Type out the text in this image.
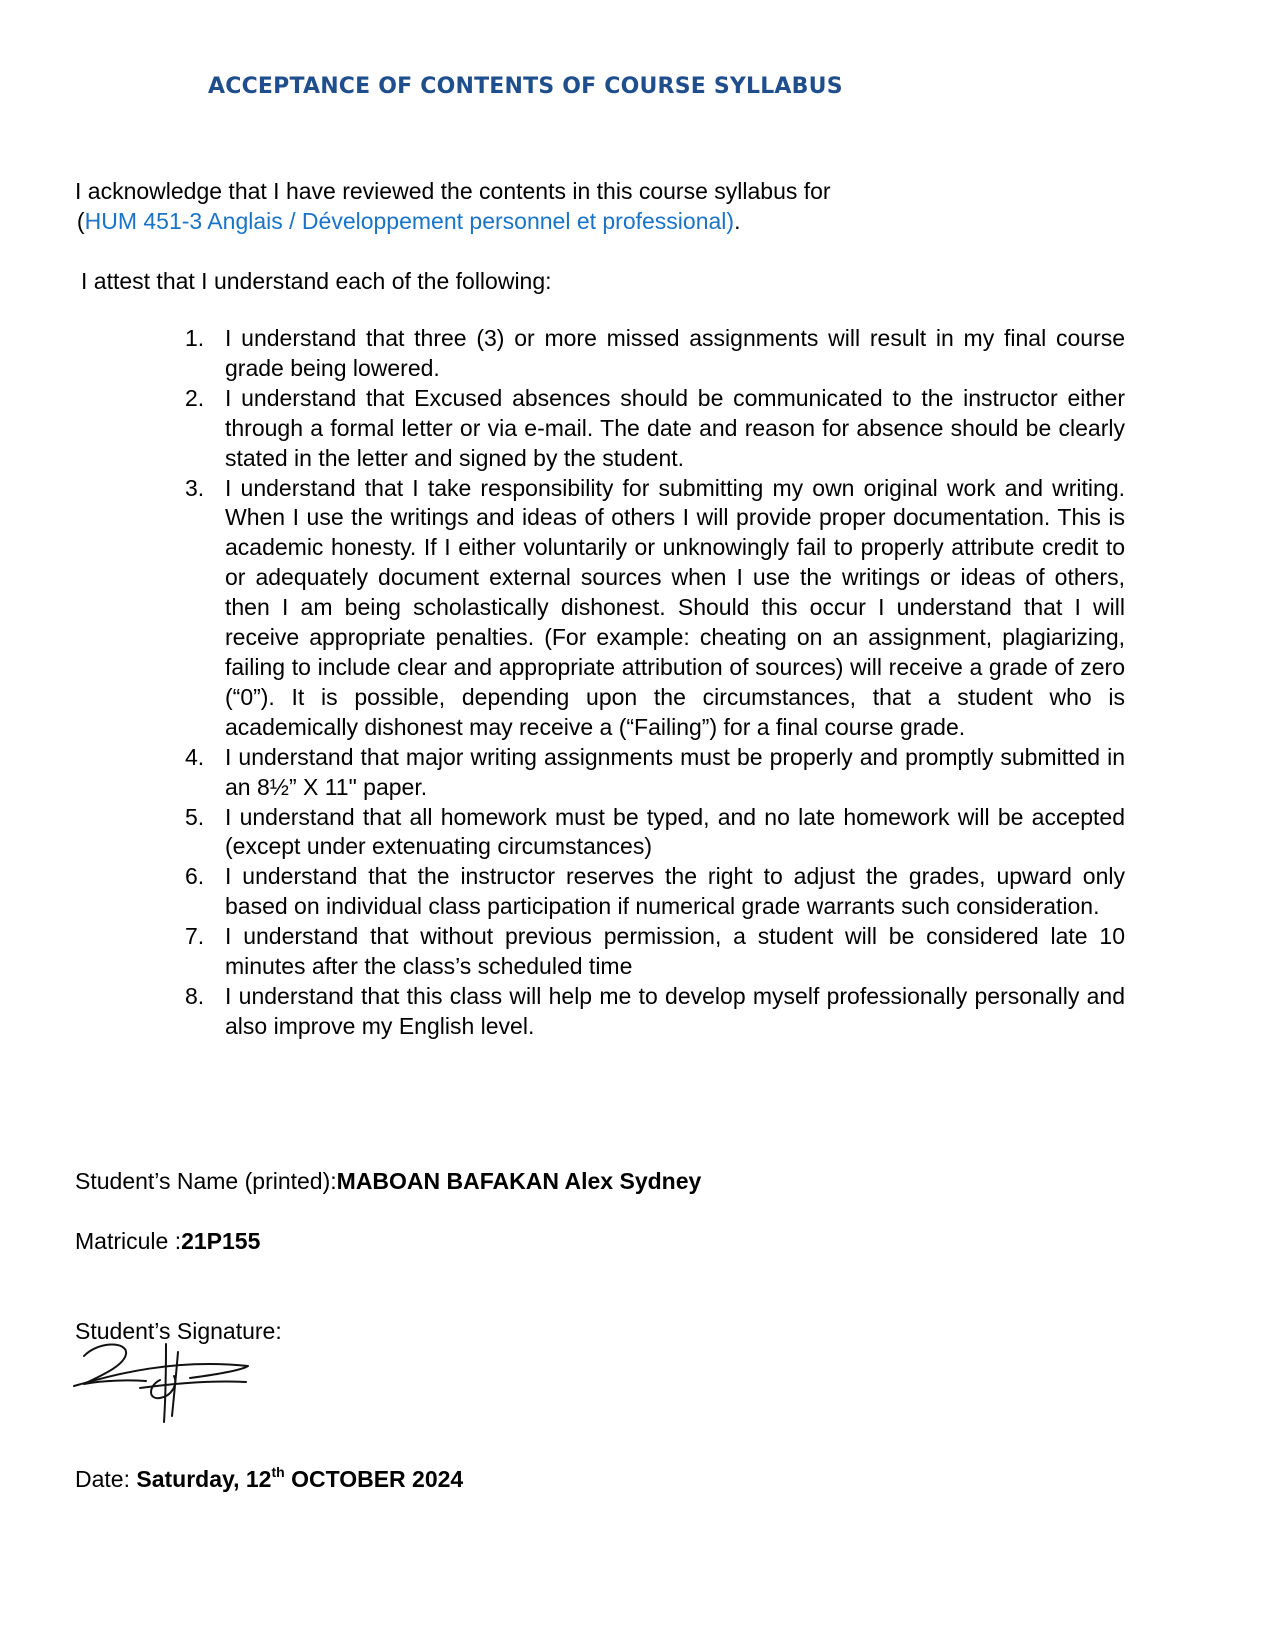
ACCEPTANCE OF CONTENTS OF COURSE SYLLABUS
I acknowledge that I have reviewed the contents in this course syllabus for
 (HUM 451-3 Anglais / Développement personnel et professional).
I attest that I understand each of the following:
1. I understand that three (3) or more missed assignments will result in my final course grade being lowered.
2. I understand that Excused absences should be communicated to the instructor either through a formal letter or via e-mail. The date and reason for absence should be clearly stated in the letter and signed by the student.
3. I understand that I take responsibility for submitting my own original work and writing. When I use the writings and ideas of others I will provide proper documentation. This is academic honesty. If I either voluntarily or unknowingly fail to properly attribute credit to or adequately document external sources when I use the writings or ideas of others, then I am being scholastically dishonest. Should this occur I understand that I will receive appropriate penalties. (For example: cheating on an assignment, plagiarizing, failing to include clear and appropriate attribution of sources) will receive a grade of zero (“0”). It is possible, depending upon the circumstances, that a student who is academically dishonest may receive a (“Failing”) for a final course grade.
4. I understand that major writing assignments must be properly and promptly submitted in an 8½” X 11" paper.
5. I understand that all homework must be typed, and no late homework will be accepted (except under extenuating circumstances)
6. I understand that the instructor reserves the right to adjust the grades, upward only based on individual class participation if numerical grade warrants such consideration.
7. I understand that without previous permission, a student will be considered late 10 minutes after the class’s scheduled time
8. I understand that this class will help me to develop myself professionally personally and also improve my English level.
Student’s Name (printed):MABOAN BAFAKAN Alex Sydney
Matricule :21P155
Student’s Signature:
Date: Saturday, 12th OCTOBER 2024
